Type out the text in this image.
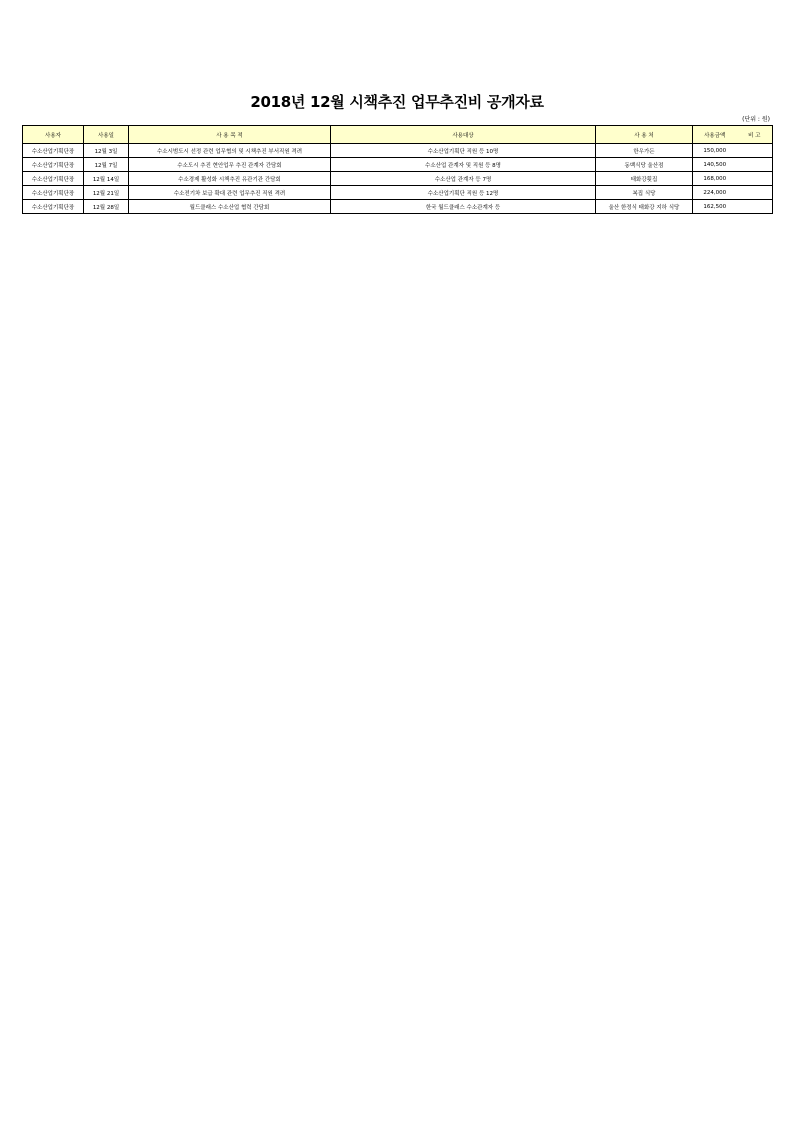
2018년 12월 시책추진 업무추진비 공개자료
(단위 : 원)
사용자	사용일	사 용 목 적	사용대상	사 용 처	사용금액	비 고
수소산업기획단장	12월 3일	수소시범도시 선정 관련 업무협의 및 시책추진 부서직원 격려	수소산업기획단 직원 등 10명	한우가든	150,000	
수소산업기획단장	12월 7일	수소도시 추진 현안업무 추진 관계자 간담회	수소산업 관계자 및 직원 등 8명	동백식당 울산점	140,500	
수소산업기획단장	12월 14일	수소경제 활성화 시책추진 유관기관 간담회	수소산업 관계자 등 7명	태화강횟집	168,000	
수소산업기획단장	12월 21일	수소전기차 보급 확대 관련 업무추진 직원 격려	수소산업기획단 직원 등 12명	복집 식당	224,000	
수소산업기획단장	12월 28일	월드클래스 수소산업 협력 간담회	한국 월드클래스 수소관계자 등	울산 한정식 태화강 지하 식당	162,500	
